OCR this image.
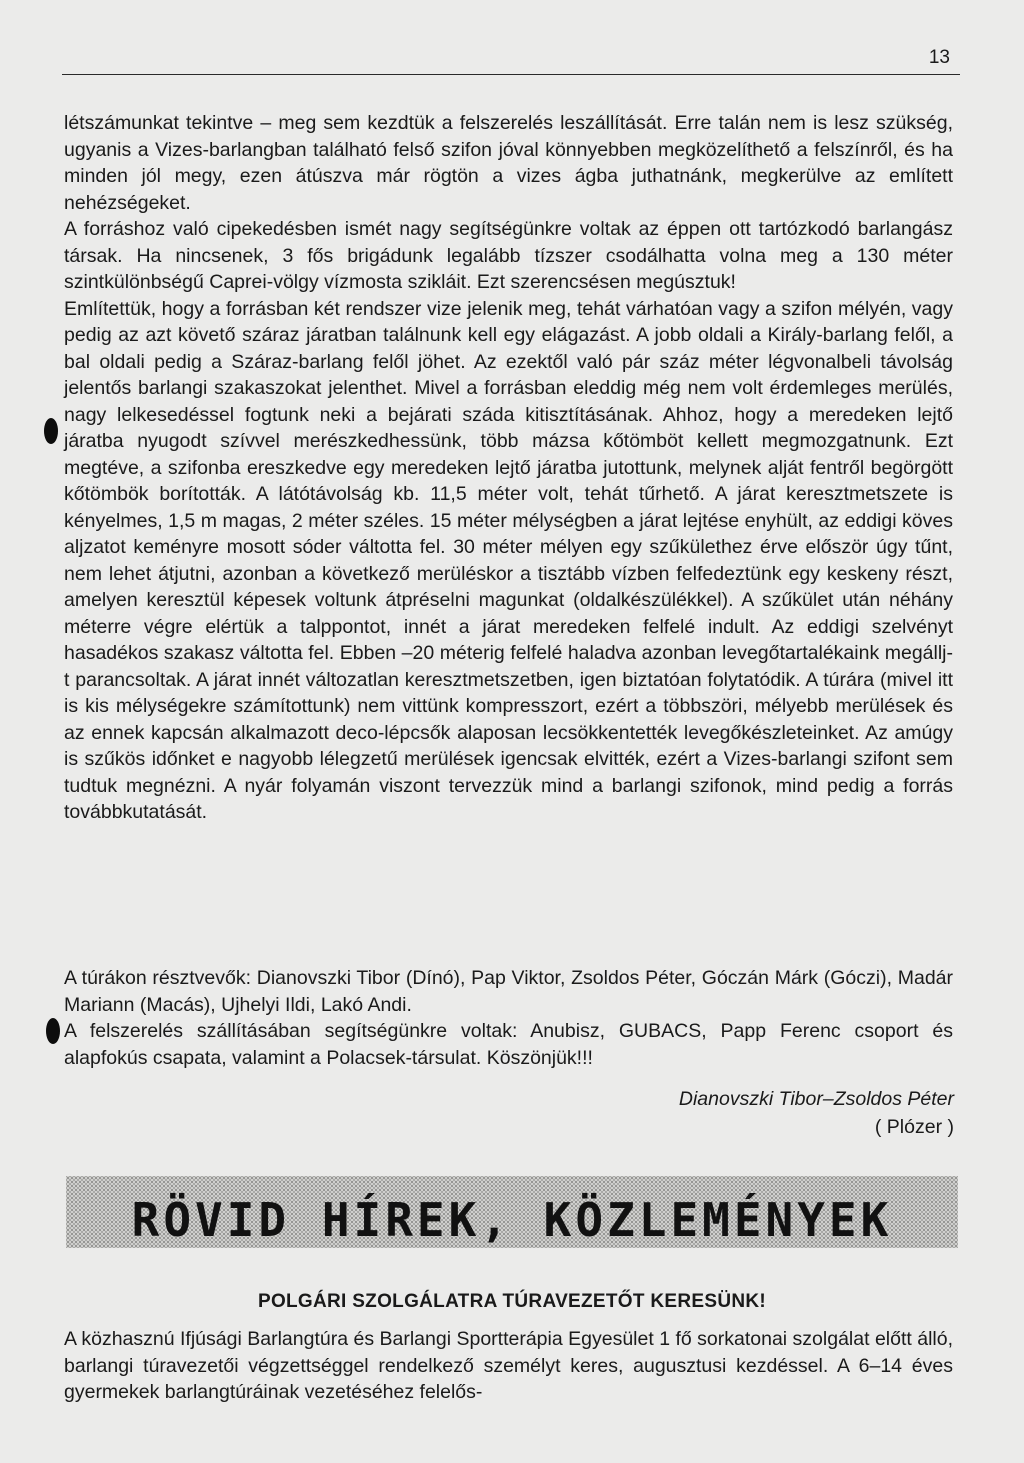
13

létszámunkat tekintve – meg sem kezdtük a felszerelés leszállítását. Erre talán nem is lesz szükség, ugyanis a Vizes-barlangban található felső szifon jóval könnyebben megközelíthető a felszínről, és ha minden jól megy, ezen átúszva már rögtön a vizes ágba juthatnánk, megkerülve az említett nehézségeket.

A forráshoz való cipekedésben ismét nagy segítségünkre voltak az éppen ott tartózkodó barlangász társak. Ha nincsenek, 3 fős brigádunk legalább tízszer csodálhatta volna meg a 130 méter szintkülönbségű Caprei-völgy vízmosta szikláit. Ezt szerencsésen megúsztuk!

Említettük, hogy a forrásban két rendszer vize jelenik meg, tehát várhatóan vagy a szifon mélyén, vagy pedig az azt követő száraz járatban találnunk kell egy elágazást. A jobb oldali a Király-barlang felől, a bal oldali pedig a Száraz-barlang felől jöhet. Az ezektől való pár száz méter légvonalbeli távolság jelentős barlangi szakaszokat jelenthet. Mivel a forrásban eleddig még nem volt érdemleges merülés, nagy lelkesedéssel fogtunk neki a bejárati száda kitisztításának. Ahhoz, hogy a meredeken lejtő járatba nyugodt szívvel merészkedhessünk, több mázsa kőtömböt kellett megmozgatnunk. Ezt megtéve, a szifonba ereszkedve egy meredeken lejtő járatba jutottunk, melynek alját fentről begörgött kőtömbök borították. A látótávolság kb. 11,5 méter volt, tehát tűrhető. A járat keresztmetszete is kényelmes, 1,5 m magas, 2 méter széles. 15 méter mélységben a járat lejtése enyhült, az eddigi köves aljzatot keményre mosott sóder váltotta fel. 30 méter mélyen egy szűkülethez érve először úgy tűnt, nem lehet átjutni, azonban a következő merüléskor a tisztább vízben felfedeztünk egy keskeny részt, amelyen keresztül képesek voltunk átpréselni magunkat (oldalkészülékkel). A szűkület után néhány méterre végre elértük a talppontot, innét a járat meredeken felfelé indult. Az eddigi szelvényt hasadékos szakasz váltotta fel. Ebben –20 méterig felfelé haladva azonban levegőtartalékaink megállj-t parancsoltak. A járat innét változatlan keresztmetszetben, igen biztatóan folytatódik. A túrára (mivel itt is kis mélységekre számítottunk) nem vittünk kompresszort, ezért a többszöri, mélyebb merülések és az ennek kapcsán alkalmazott deco-lépcsők alaposan lecsökkentették levegőkészleteinket. Az amúgy is szűkös időnket e nagyobb lélegzetű merülések igencsak elvitték, ezért a Vizes-barlangi szifont sem tudtuk megnézni. A nyár folyamán viszont tervezzük mind a barlangi szifonok, mind pedig a forrás továbbkutatását.

A túrákon résztvevők: Dianovszki Tibor (Dínó), Pap Viktor, Zsoldos Péter, Góczán Márk (Góczi), Madár Mariann (Macás), Ujhelyi Ildi, Lakó Andi.

A felszerelés szállításában segítségünkre voltak: Anubisz, GUBACS, Papp Ferenc csoport és alapfokús csapata, valamint a Polacsek-társulat. Köszönjük!!!

Dianovszki Tibor–Zsoldos Péter
( Plózer )
RÖVID HÍREK, KÖZLEMÉNYEK
POLGÁRI SZOLGÁLATRA TÚRAVEZETŐT KERESÜNK!

A közhasznú Ifjúsági Barlangtúra és Barlangi Sportterápia Egyesület 1 fő sorkatonai szolgálat előtt álló, barlangi túravezetői végzettséggel rendelkező személyt keres, augusztusi kezdéssel. A 6–14 éves gyermekek barlangtúráinak vezetéséhez felelős-
